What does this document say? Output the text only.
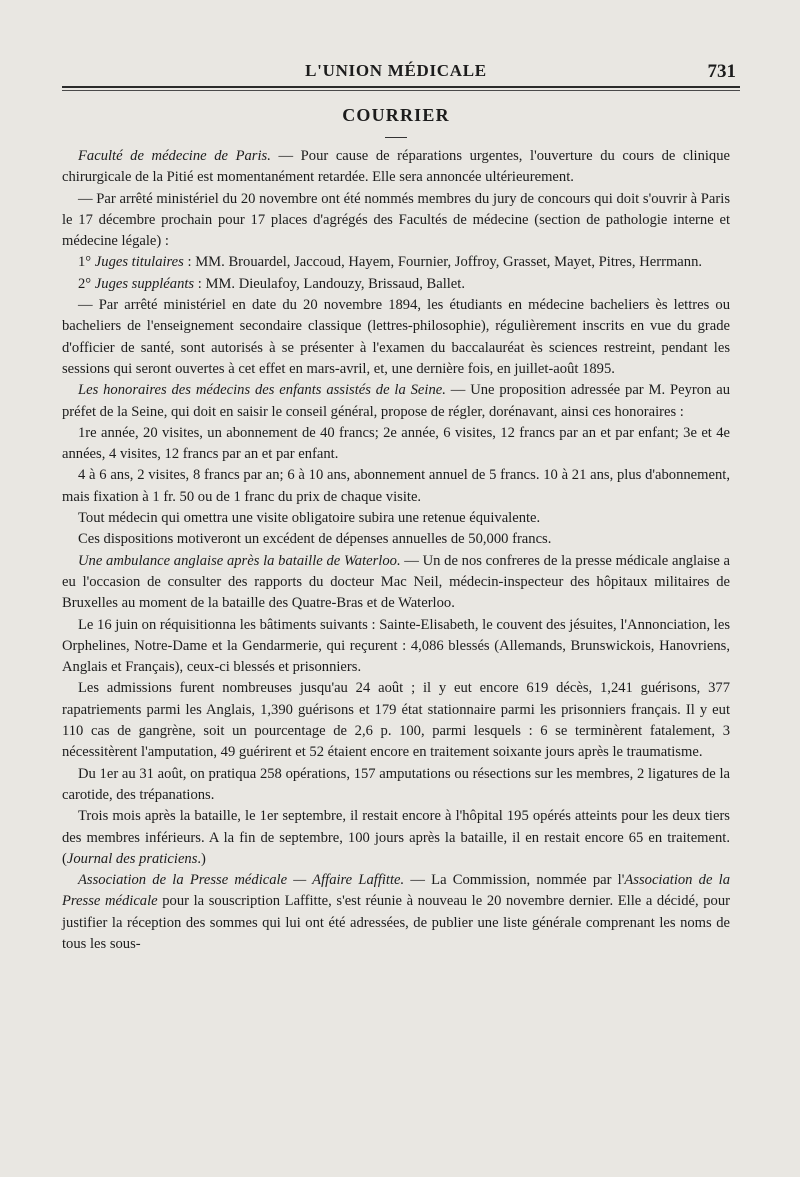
L'UNION MÉDICALE	731
COURRIER

Faculté de médecine de Paris. — Pour cause de réparations urgentes, l'ouverture du cours de clinique chirurgicale de la Pitié est momentanément retardée. Elle sera annoncée ultérieurement.

— Par arrêté ministériel du 20 novembre ont été nommés membres du jury de concours qui doit s'ouvrir à Paris le 17 décembre prochain pour 17 places d'agrégés des Facultés de médecine (section de pathologie interne et médecine légale) :

1° Juges titulaires : MM. Brouardel, Jaccoud, Hayem, Fournier, Joffroy, Grasset, Mayet, Pitres, Herrmann.

2° Juges suppléants : MM. Dieulafoy, Landouzy, Brissaud, Ballet.

— Par arrêté ministériel en date du 20 novembre 1894, les étudiants en médecine bacheliers ès lettres ou bacheliers de l'enseignement secondaire classique (lettres-philosophie), régulièrement inscrits en vue du grade d'officier de santé, sont autorisés à se présenter à l'examen du baccalauréat ès sciences restreint, pendant les sessions qui seront ouvertes à cet effet en mars-avril, et, une dernière fois, en juillet-août 1895.

Les honoraires des médecins des enfants assistés de la Seine. — Une proposition adressée par M. Peyron au préfet de la Seine, qui doit en saisir le conseil général, propose de régler, dorénavant, ainsi ces honoraires :

1re année, 20 visites, un abonnement de 40 francs; 2e année, 6 visites, 12 francs par an et par enfant; 3e et 4e années, 4 visites, 12 francs par an et par enfant.

4 à 6 ans, 2 visites, 8 francs par an; 6 à 10 ans, abonnement annuel de 5 francs. 10 à 21 ans, plus d'abonnement, mais fixation à 1 fr. 50 ou de 1 franc du prix de chaque visite.

Tout médecin qui omettra une visite obligatoire subira une retenue équivalente.

Ces dispositions motiveront un excédent de dépenses annuelles de 50,000 francs.

Une ambulance anglaise après la bataille de Waterloo. — Un de nos confreres de la presse médicale anglaise a eu l'occasion de consulter des rapports du docteur Mac Neil, médecin-inspecteur des hôpitaux militaires de Bruxelles au moment de la bataille des Quatre-Bras et de Waterloo.

Le 16 juin on réquisitionna les bâtiments suivants : Sainte-Elisabeth, le couvent des jésuites, l'Annonciation, les Orphelines, Notre-Dame et la Gendarmerie, qui reçurent : 4,086 blessés (Allemands, Brunswickois, Hanovriens, Anglais et Français), ceux-ci blessés et prisonniers.

Les admissions furent nombreuses jusqu'au 24 août ; il y eut encore 619 décès, 1,241 guérisons, 377 rapatriements parmi les Anglais, 1,390 guérisons et 179 état stationnaire parmi les prisonniers français. Il y eut 110 cas de gangrène, soit un pourcentage de 2,6 p. 100, parmi lesquels : 6 se terminèrent fatalement, 3 nécessitèrent l'amputation, 49 guérirent et 52 étaient encore en traitement soixante jours après le traumatisme.

Du 1er au 31 août, on pratiqua 258 opérations, 157 amputations ou résections sur les membres, 2 ligatures de la carotide, des trépanations.

Trois mois après la bataille, le 1er septembre, il restait encore à l'hôpital 195 opérés atteints pour les deux tiers des membres inférieurs. A la fin de septembre, 100 jours après la bataille, il en restait encore 65 en traitement. (Journal des praticiens.)

Association de la Presse médicale — Affaire Laffitte. — La Commission, nommée par l'Association de la Presse médicale pour la souscription Laffitte, s'est réunie à nouveau le 20 novembre dernier. Elle a décidé, pour justifier la réception des sommes qui lui ont été adressées, de publier une liste générale comprenant les noms de tous les sous-
